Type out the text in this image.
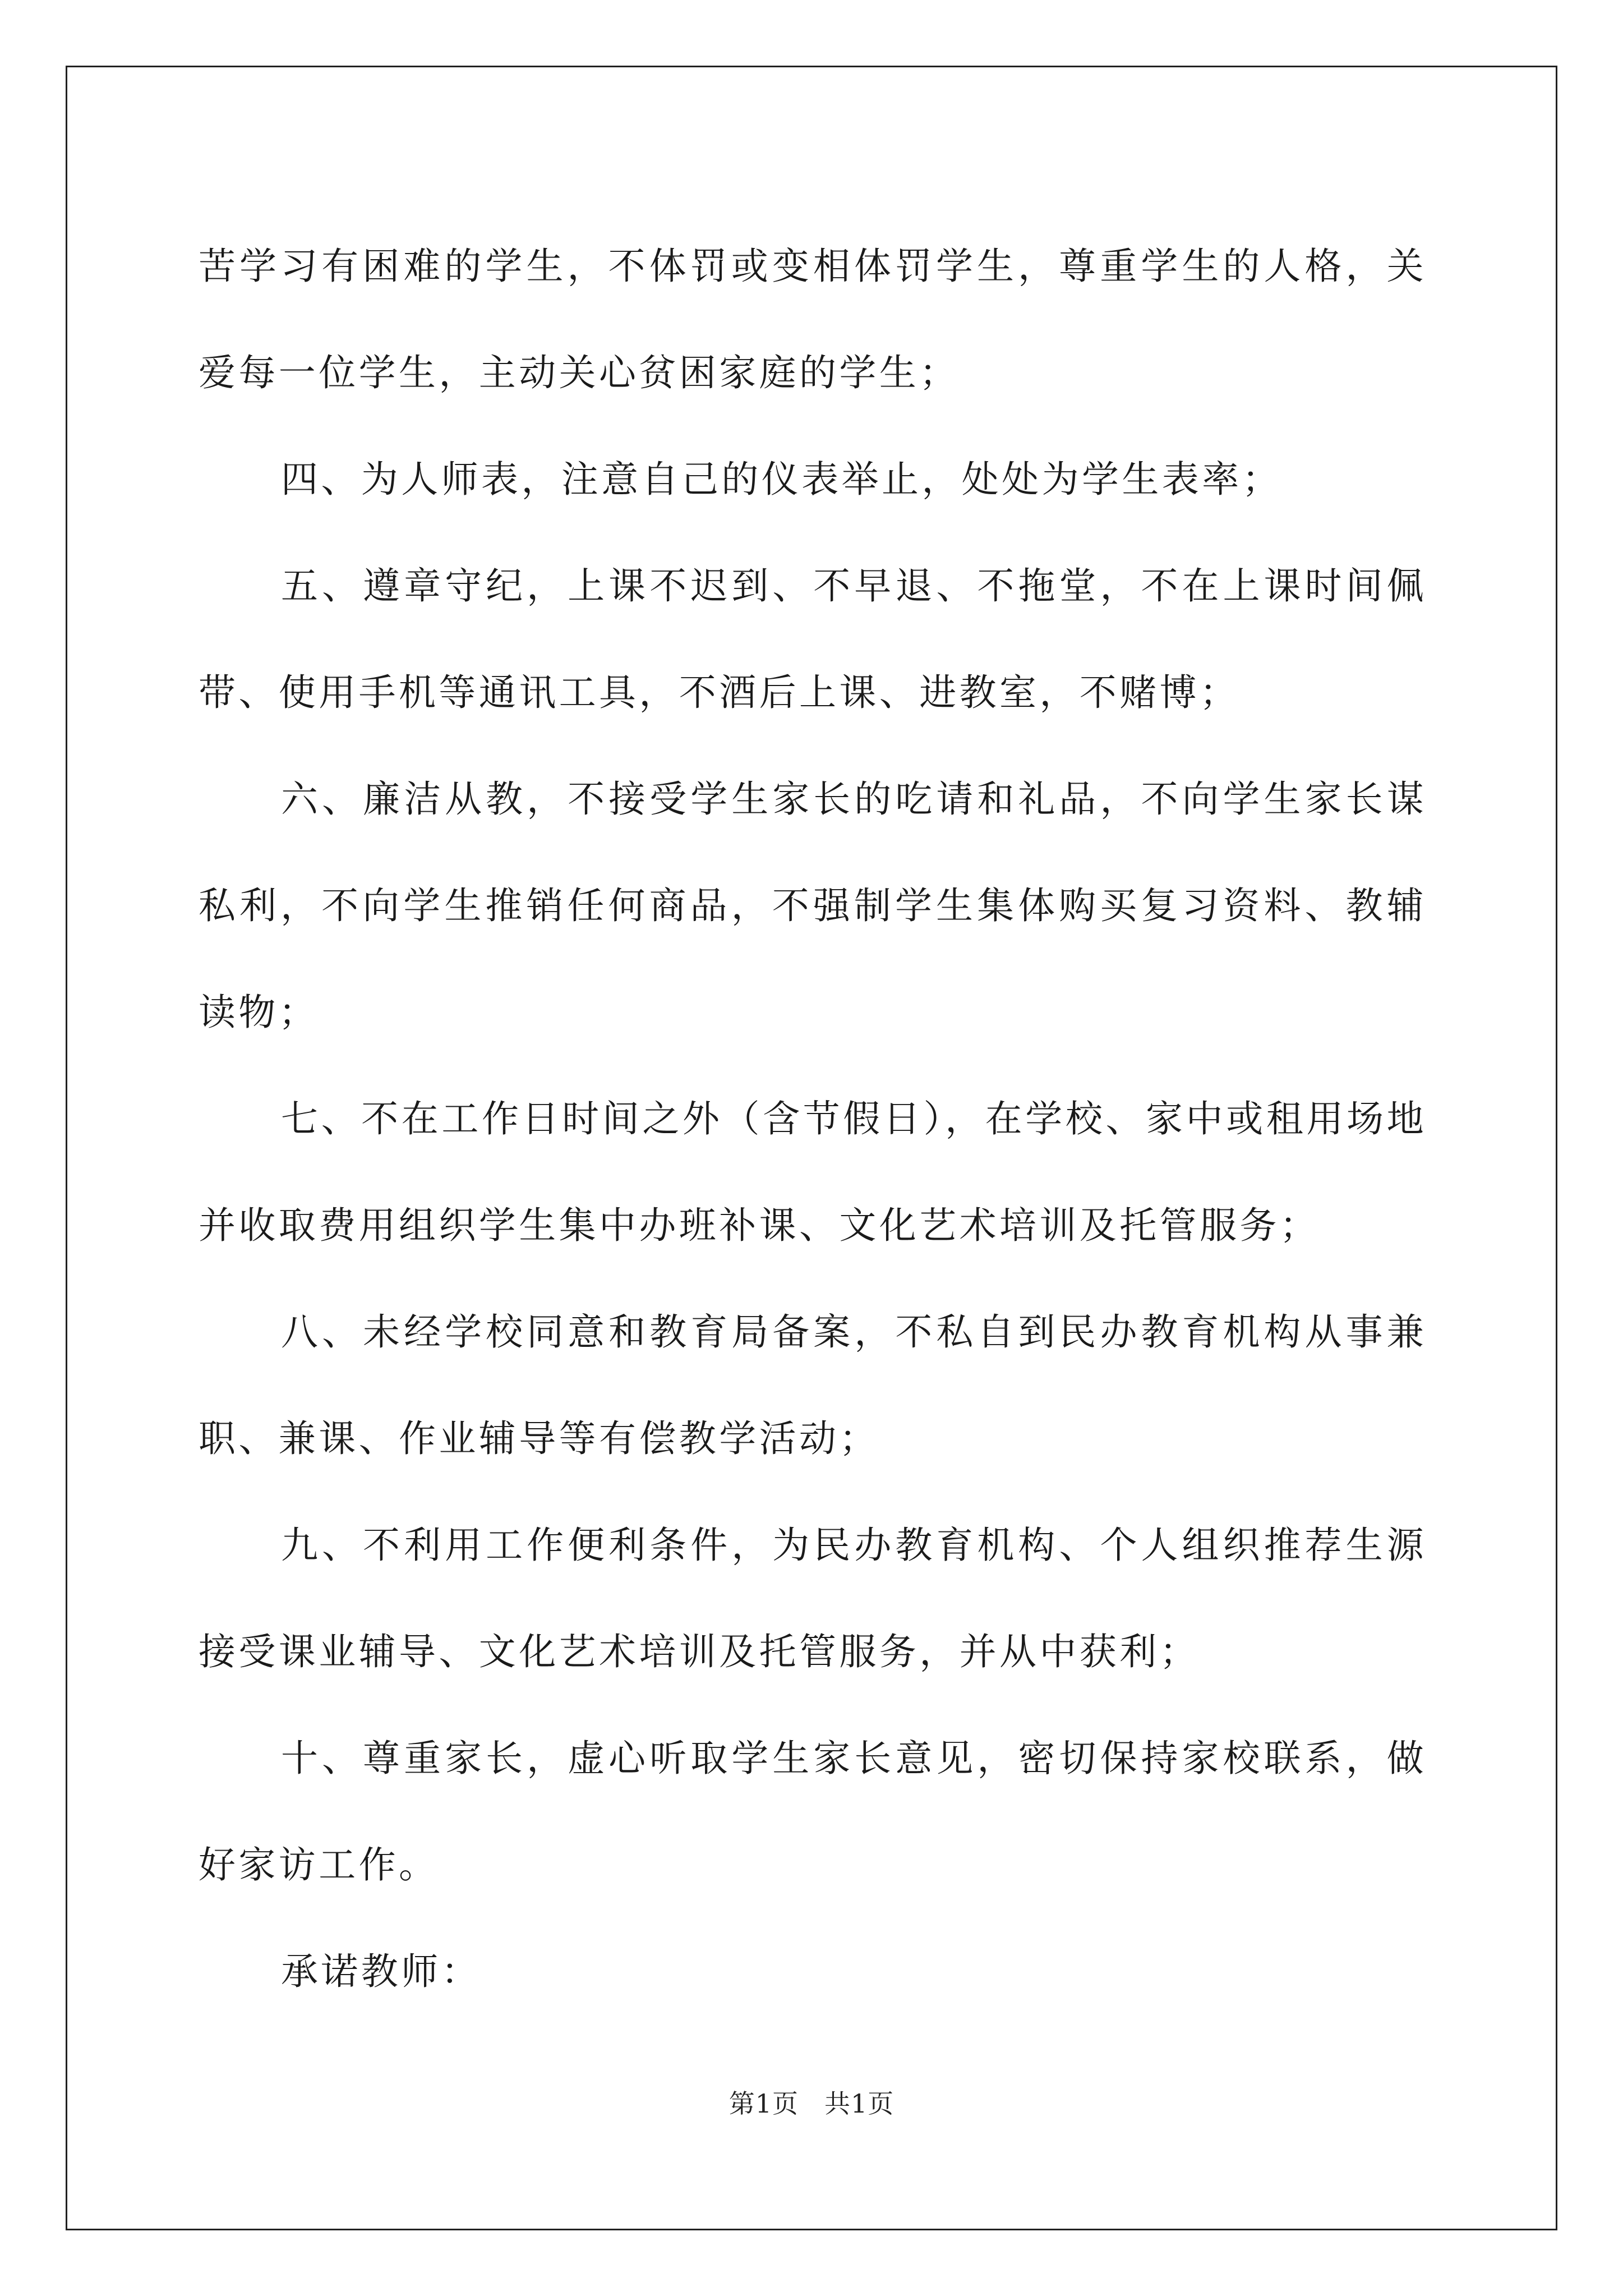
苦学习有困难的学生，不体罚或变相体罚学生，尊重学生的人格，关爱每一位学生，主动关心贫困家庭的学生；

四、为人师表，注意自己的仪表举止，处处为学生表率；

五、遵章守纪，上课不迟到、不早退、不拖堂，不在上课时间佩带、使用手机等通讯工具，不酒后上课、进教室，不赌博；

六、廉洁从教，不接受学生家长的吃请和礼品，不向学生家长谋私利，不向学生推销任何商品，不强制学生集体购买复习资料、教辅读物；

七、不在工作日时间之外（含节假日），在学校、家中或租用场地并收取费用组织学生集中办班补课、文化艺术培训及托管服务；

八、未经学校同意和教育局备案，不私自到民办教育机构从事兼职、兼课、作业辅导等有偿教学活动；

九、不利用工作便利条件，为民办教育机构、个人组织推荐生源接受课业辅导、文化艺术培训及托管服务，并从中获利；

十、尊重家长，虚心听取学生家长意见，密切保持家校联系，做好家访工作。

承诺教师：

第1页 共1页
